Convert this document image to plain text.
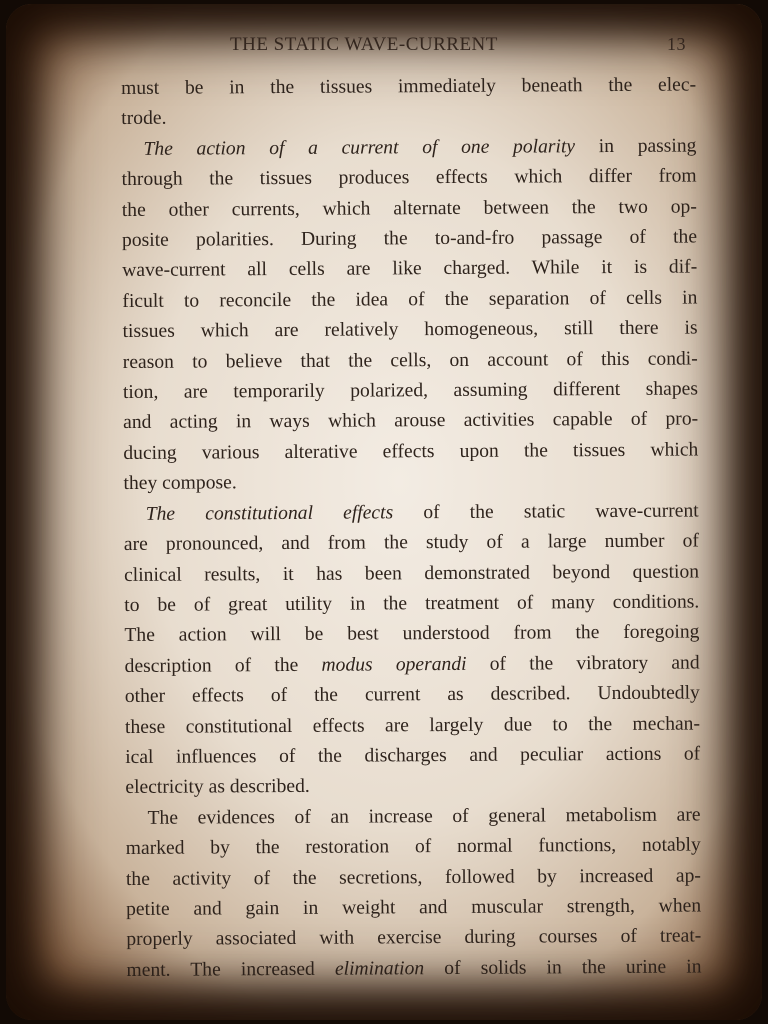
THE STATIC WAVE-CURRENT	13

must be in the tissues immediately beneath the elec-
trode.

The action of a current of one polarity in passing
through the tissues produces effects which differ from
the other currents, which alternate between the two op-
posite polarities. During the to-and-fro passage of the
wave-current all cells are like charged. While it is dif-
ficult to reconcile the idea of the separation of cells in
tissues which are relatively homogeneous, still there is
reason to believe that the cells, on account of this condi-
tion, are temporarily polarized, assuming different shapes
and acting in ways which arouse activities capable of pro-
ducing various alterative effects upon the tissues which
they compose.

The constitutional effects of the static wave-current
are pronounced, and from the study of a large number of
clinical results, it has been demonstrated beyond question
to be of great utility in the treatment of many conditions.
The action will be best understood from the foregoing
description of the modus operandi of the vibratory and
other effects of the current as described. Undoubtedly
these constitutional effects are largely due to the mechan-
ical influences of the discharges and peculiar actions of
electricity as described.

The evidences of an increase of general metabolism are
marked by the restoration of normal functions, notably
the activity of the secretions, followed by increased ap-
petite and gain in weight and muscular strength, when
properly associated with exercise during courses of treat-
ment. The increased elimination of solids in the urine in
